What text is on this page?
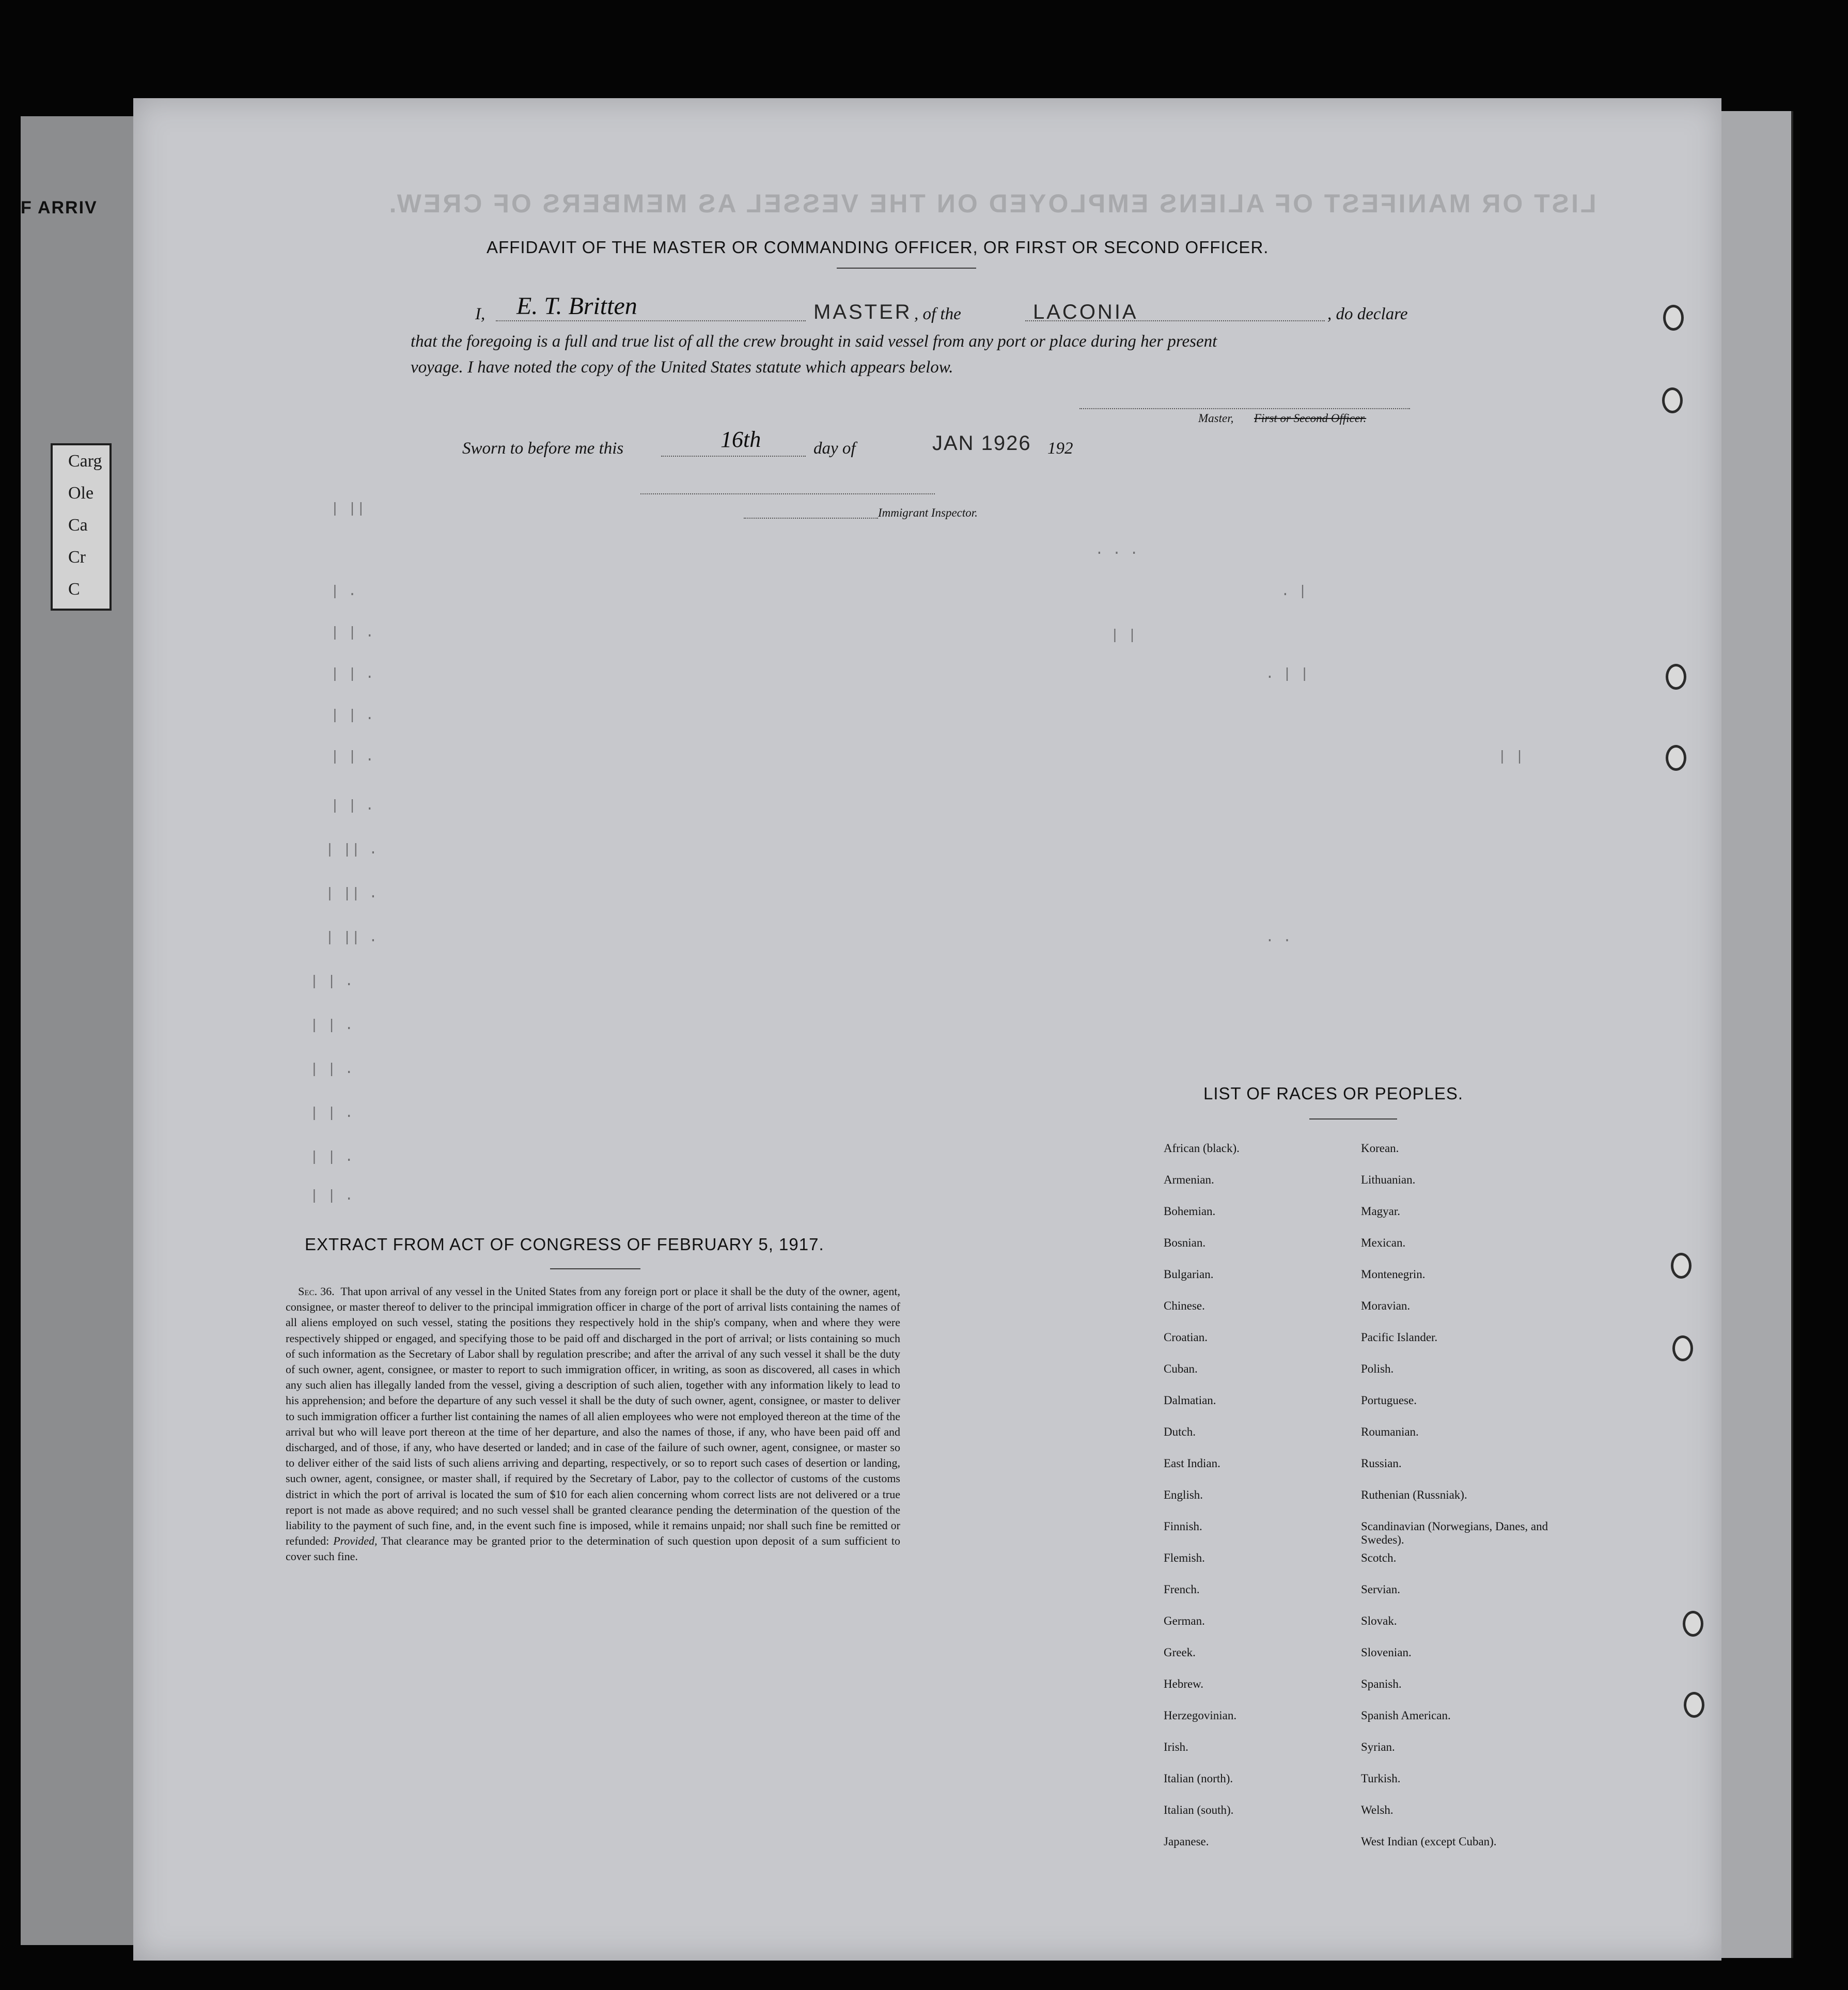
F ARRIV
Carg
Ole
Ca
Cr
C
LIST OR MANIFEST OF ALIENS EMPLOYED ON THE VESSEL AS MEMBERS OF CREW.
| ||
| .
| | .
| | .
| | .
| | .
| | .
| || .
| || .
| || .
| | .
| | .
| | .
| | .
| | .
| | .
. . .
. |
| |
. | |
| |
. .
AFFIDAVIT OF THE MASTER OR COMMANDING OFFICER, OR FIRST OR SECOND OFFICER.
I, E. T. Britten	MASTER , of the	LACONIA	, do declare
that the foregoing is a full and true list of all the crew brought in said vessel from any port or place during her present
voyage. I have noted the copy of the United States statute which appears below.
Master, First or Second Officer.
Sworn to before me this	16th	day of	JAN 1926 192
Immigrant Inspector.
EXTRACT FROM ACT OF CONGRESS OF FEBRUARY 5, 1917.
Sec. 36. That upon arrival of any vessel in the United States from any foreign port or place it shall be the duty of the owner, agent, consignee, or master thereof to deliver to the principal immigration officer in charge of the port of arrival lists containing the names of all aliens employed on such vessel, stating the positions they respectively hold in the ship's company, when and where they were respectively shipped or engaged, and specifying those to be paid off and discharged in the port of arrival; or lists containing so much of such information as the Secretary of Labor shall by regulation prescribe; and after the arrival of any such vessel it shall be the duty of such owner, agent, consignee, or master to report to such immigration officer, in writing, as soon as discovered, all cases in which any such alien has illegally landed from the vessel, giving a description of such alien, together with any information likely to lead to his apprehension; and before the departure of any such vessel it shall be the duty of such owner, agent, consignee, or master to deliver to such immigration officer a further list containing the names of all alien employees who were not employed thereon at the time of the arrival but who will leave port thereon at the time of her departure, and also the names of those, if any, who have been paid off and discharged, and of those, if any, who have deserted or landed; and in case of the failure of such owner, agent, consignee, or master so to deliver either of the said lists of such aliens arriving and departing, respectively, or so to report such cases of desertion or landing, such owner, agent, consignee, or master shall, if required by the Secretary of Labor, pay to the collector of customs of the customs district in which the port of arrival is located the sum of $10 for each alien concerning whom correct lists are not delivered or a true report is not made as above required; and no such vessel shall be granted clearance pending the determination of the question of the liability to the payment of such fine, and, in the event such fine is imposed, while it remains unpaid; nor shall such fine be remitted or refunded: Provided, That clearance may be granted prior to the determination of such question upon deposit of a sum sufficient to cover such fine.
LIST OF RACES OR PEOPLES.
African (black).
Armenian.
Bohemian.
Bosnian.
Bulgarian.
Chinese.
Croatian.
Cuban.
Dalmatian.
Dutch.
East Indian.
English.
Finnish.
Flemish.
French.
German.
Greek.
Hebrew.
Herzegovinian.
Irish.
Italian (north).
Italian (south).
Japanese.
Korean.
Lithuanian.
Magyar.
Mexican.
Montenegrin.
Moravian.
Pacific Islander.
Polish.
Portuguese.
Roumanian.
Russian.
Ruthenian (Russniak).
Scandinavian (Norwegians, Danes, and Swedes).
Scotch.
Servian.
Slovak.
Slovenian.
Spanish.
Spanish American.
Syrian.
Turkish.
Welsh.
West Indian (except Cuban).
